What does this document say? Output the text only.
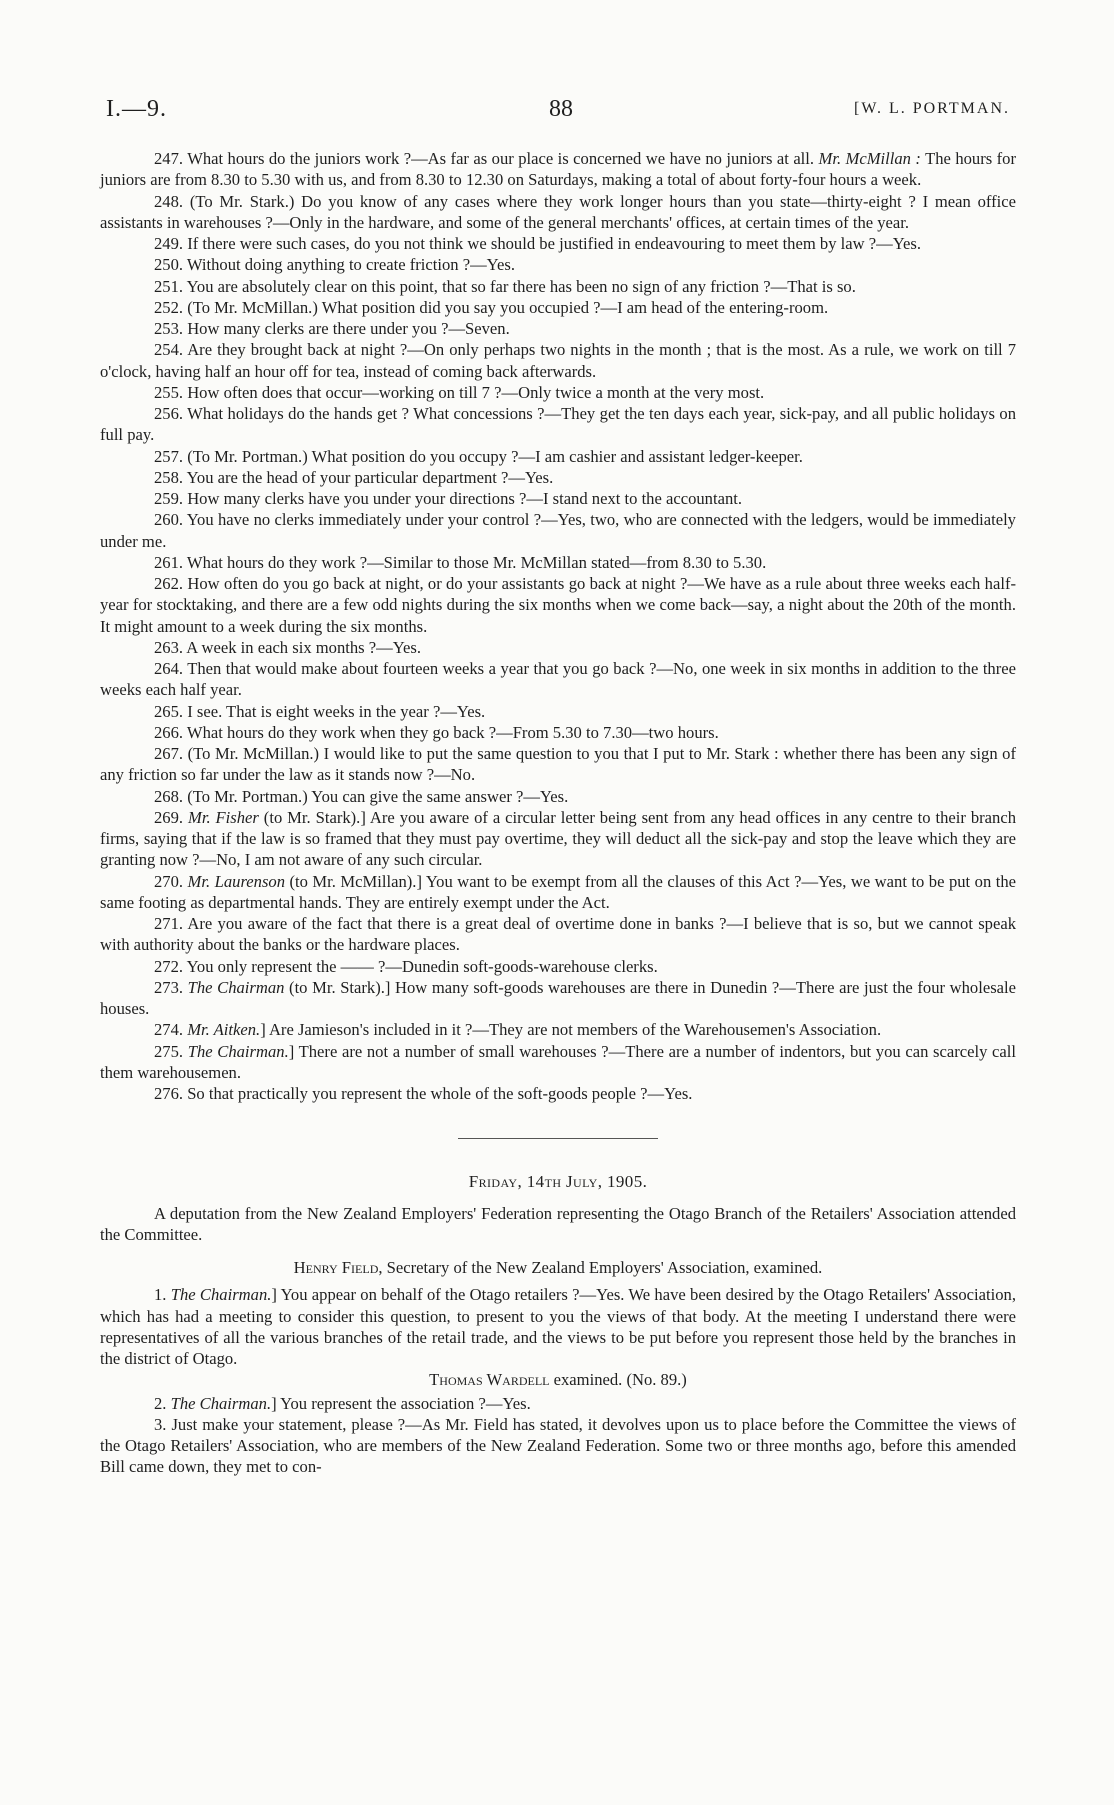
I.—9.	88	[W. L. PORTMAN.

247. What hours do the juniors work ?—As far as our place is concerned we have no juniors at all. Mr. McMillan : The hours for juniors are from 8.30 to 5.30 with us, and from 8.30 to 12.30 on Saturdays, making a total of about forty-four hours a week.

248. (To Mr. Stark.) Do you know of any cases where they work longer hours than you state—thirty-eight ? I mean office assistants in warehouses ?—Only in the hardware, and some of the general merchants' offices, at certain times of the year.

249. If there were such cases, do you not think we should be justified in endeavouring to meet them by law ?—Yes.

250. Without doing anything to create friction ?—Yes.

251. You are absolutely clear on this point, that so far there has been no sign of any friction ?—That is so.

252. (To Mr. McMillan.) What position did you say you occupied ?—I am head of the entering-room.

253. How many clerks are there under you ?—Seven.

254. Are they brought back at night ?—On only perhaps two nights in the month ; that is the most. As a rule, we work on till 7 o'clock, having half an hour off for tea, instead of coming back afterwards.

255. How often does that occur—working on till 7 ?—Only twice a month at the very most.

256. What holidays do the hands get ? What concessions ?—They get the ten days each year, sick-pay, and all public holidays on full pay.

257. (To Mr. Portman.) What position do you occupy ?—I am cashier and assistant ledger-keeper.

258. You are the head of your particular department ?—Yes.

259. How many clerks have you under your directions ?—I stand next to the accountant.

260. You have no clerks immediately under your control ?—Yes, two, who are connected with the ledgers, would be immediately under me.

261. What hours do they work ?—Similar to those Mr. McMillan stated—from 8.30 to 5.30.

262. How often do you go back at night, or do your assistants go back at night ?—We have as a rule about three weeks each half-year for stocktaking, and there are a few odd nights during the six months when we come back—say, a night about the 20th of the month. It might amount to a week during the six months.

263. A week in each six months ?—Yes.

264. Then that would make about fourteen weeks a year that you go back ?—No, one week in six months in addition to the three weeks each half year.

265. I see. That is eight weeks in the year ?—Yes.

266. What hours do they work when they go back ?—From 5.30 to 7.30—two hours.

267. (To Mr. McMillan.) I would like to put the same question to you that I put to Mr. Stark : whether there has been any sign of any friction so far under the law as it stands now ?—No.

268. (To Mr. Portman.) You can give the same answer ?—Yes.

269. Mr. Fisher (to Mr. Stark).] Are you aware of a circular letter being sent from any head offices in any centre to their branch firms, saying that if the law is so framed that they must pay overtime, they will deduct all the sick-pay and stop the leave which they are granting now ?—No, I am not aware of any such circular.

270. Mr. Laurenson (to Mr. McMillan).] You want to be exempt from all the clauses of this Act ?—Yes, we want to be put on the same footing as departmental hands. They are entirely exempt under the Act.

271. Are you aware of the fact that there is a great deal of overtime done in banks ?—I believe that is so, but we cannot speak with authority about the banks or the hardware places.

272. You only represent the —— ?—Dunedin soft-goods-warehouse clerks.

273. The Chairman (to Mr. Stark).] How many soft-goods warehouses are there in Dunedin ?—There are just the four wholesale houses.

274. Mr. Aitken.] Are Jamieson's included in it ?—They are not members of the Warehousemen's Association.

275. The Chairman.] There are not a number of small warehouses ?—There are a number of indentors, but you can scarcely call them warehousemen.

276. So that practically you represent the whole of the soft-goods people ?—Yes.

Friday, 14th July, 1905.

A deputation from the New Zealand Employers' Federation representing the Otago Branch of the Retailers' Association attended the Committee.

Henry Field, Secretary of the New Zealand Employers' Association, examined.

1. The Chairman.] You appear on behalf of the Otago retailers ?—Yes. We have been desired by the Otago Retailers' Association, which has had a meeting to consider this question, to present to you the views of that body. At the meeting I understand there were representatives of all the various branches of the retail trade, and the views to be put before you represent those held by the branches in the district of Otago.

Thomas Wardell examined. (No. 89.)

2. The Chairman.] You represent the association ?—Yes.

3. Just make your statement, please ?—As Mr. Field has stated, it devolves upon us to place before the Committee the views of the Otago Retailers' Association, who are members of the New Zealand Federation. Some two or three months ago, before this amended Bill came down, they met to con-
